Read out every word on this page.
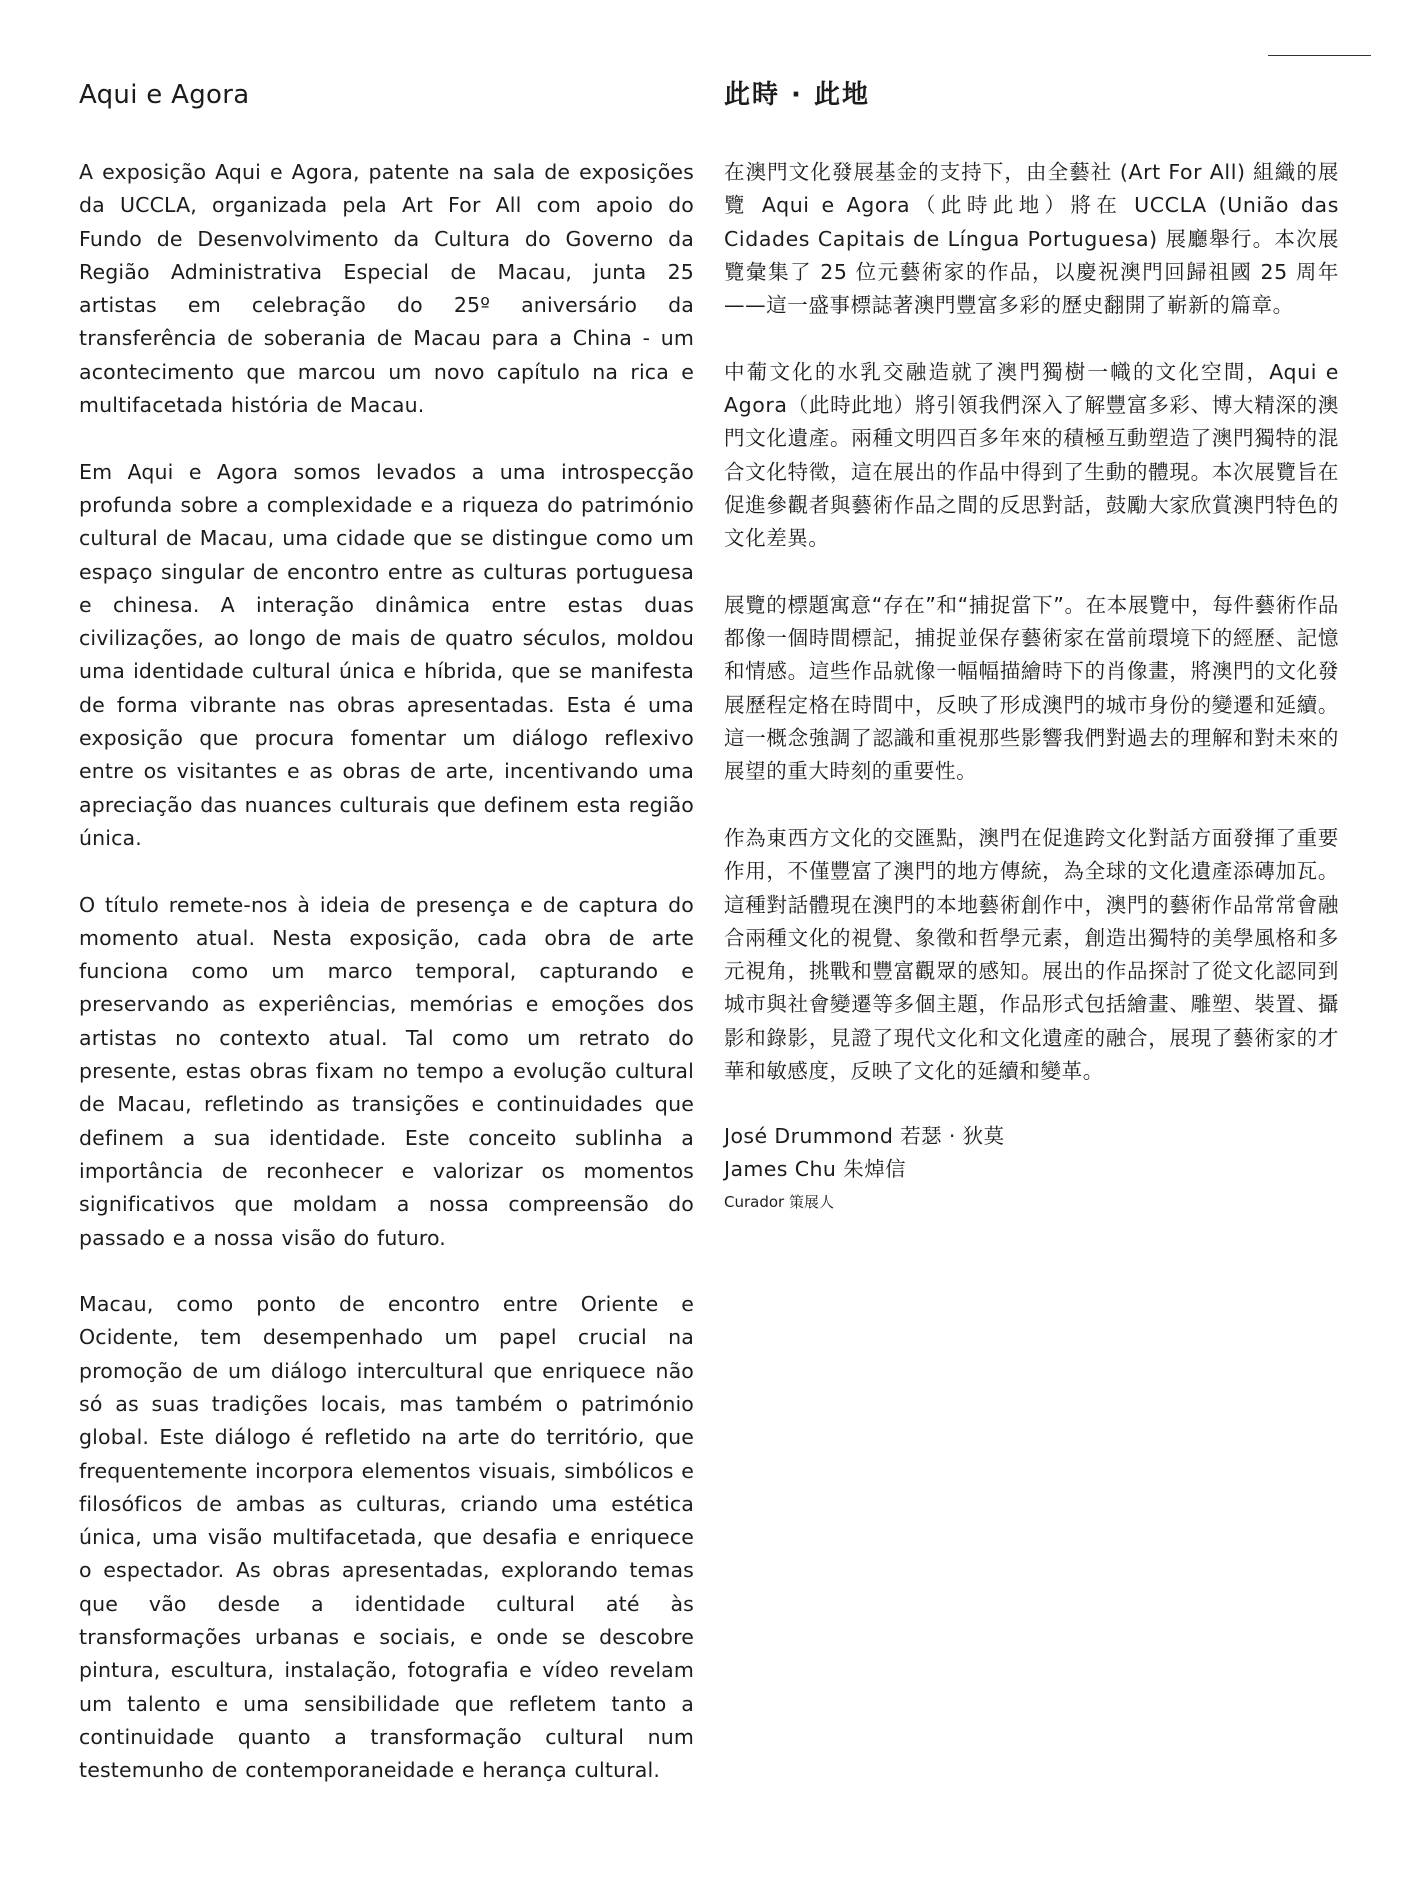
Aqui e Agora

A exposição Aqui e Agora, patente na sala de exposições da UCCLA, organizada pela Art For All com apoio do Fundo de Desenvolvimento da Cultura do Governo da Região Administrativa Especial de Macau, junta 25 artistas em celebração do 25º aniversário da transferência de soberania de Macau para a China - um acontecimento que marcou um novo capítulo na rica e multifacetada história de Macau.

Em Aqui e Agora somos levados a uma introspecção profunda sobre a complexidade e a riqueza do património cultural de Macau, uma cidade que se distingue como um espaço singular de encontro entre as culturas portuguesa e chinesa. A interação dinâmica entre estas duas civilizações, ao longo de mais de quatro séculos, moldou uma identidade cultural única e híbrida, que se manifesta de forma vibrante nas obras apresentadas. Esta é uma exposição que procura fomentar um diálogo reflexivo entre os visitantes e as obras de arte, incentivando uma apreciação das nuances culturais que definem esta região única.

O título remete-nos à ideia de presença e de captura do momento atual. Nesta exposição, cada obra de arte funciona como um marco temporal, capturando e preservando as experiências, memórias e emoções dos artistas no contexto atual. Tal como um retrato do presente, estas obras fixam no tempo a evolução cultural de Macau, refletindo as transições e continuidades que definem a sua identidade. Este conceito sublinha a importância de reconhecer e valorizar os momentos significativos que moldam a nossa compreensão do passado e a nossa visão do futuro.

Macau, como ponto de encontro entre Oriente e Ocidente, tem desempenhado um papel crucial na promoção de um diálogo intercultural que enriquece não só as suas tradições locais, mas também o património global. Este diálogo é refletido na arte do território, que frequentemente incorpora elementos visuais, simbólicos e filosóficos de ambas as culturas, criando uma estética única, uma visão multifacetada, que desafia e enriquece o espectador. As obras apresentadas, explorando temas que vão desde a identidade cultural até às transformações urbanas e sociais, e onde se descobre pintura, escultura, instalação, fotografia e vídeo revelam um talento e uma sensibilidade que refletem tanto a continuidade quanto a transformação cultural num testemunho de contemporaneidade e herança cultural.

此時 · 此地

在澳門文化發展基金的支持下，由全藝社 (Art For All) 組織的展覽 Aqui e Agora（此時此地）將在 UCCLA (União das Cidades Capitais de Língua Portuguesa) 展廳舉行。本次展覽彙集了 25 位元藝術家的作品，以慶祝澳門回歸祖國 25 周年——這一盛事標誌著澳門豐富多彩的歷史翻開了嶄新的篇章。

中葡文化的水乳交融造就了澳門獨樹一幟的文化空間，Aqui e Agora（此時此地）將引領我們深入了解豐富多彩、博大精深的澳門文化遺產。兩種文明四百多年來的積極互動塑造了澳門獨特的混合文化特徵，這在展出的作品中得到了生動的體現。本次展覽旨在促進參觀者與藝術作品之間的反思對話，鼓勵大家欣賞澳門特色的文化差異。

展覽的標題寓意“存在”和“捕捉當下”。在本展覽中，每件藝術作品都像一個時間標記，捕捉並保存藝術家在當前環境下的經歷、記憶和情感。這些作品就像一幅幅描繪時下的肖像畫，將澳門的文化發展歷程定格在時間中，反映了形成澳門的城市身份的變遷和延續。這一概念強調了認識和重視那些影響我們對過去的理解和對未來的展望的重大時刻的重要性。

作為東西方文化的交匯點，澳門在促進跨文化對話方面發揮了重要作用，不僅豐富了澳門的地方傳統，為全球的文化遺產添磚加瓦。這種對話體現在澳門的本地藝術創作中，澳門的藝術作品常常會融合兩種文化的視覺、象徵和哲學元素，創造出獨特的美學風格和多元視角，挑戰和豐富觀眾的感知。展出的作品探討了從文化認同到城市與社會變遷等多個主題，作品形式包括繪畫、雕塑、裝置、攝影和錄影，見證了現代文化和文化遺產的融合，展現了藝術家的才華和敏感度，反映了文化的延續和變革。

José Drummond 若瑟 · 狄莫

James Chu 朱焯信

Curador 策展人
